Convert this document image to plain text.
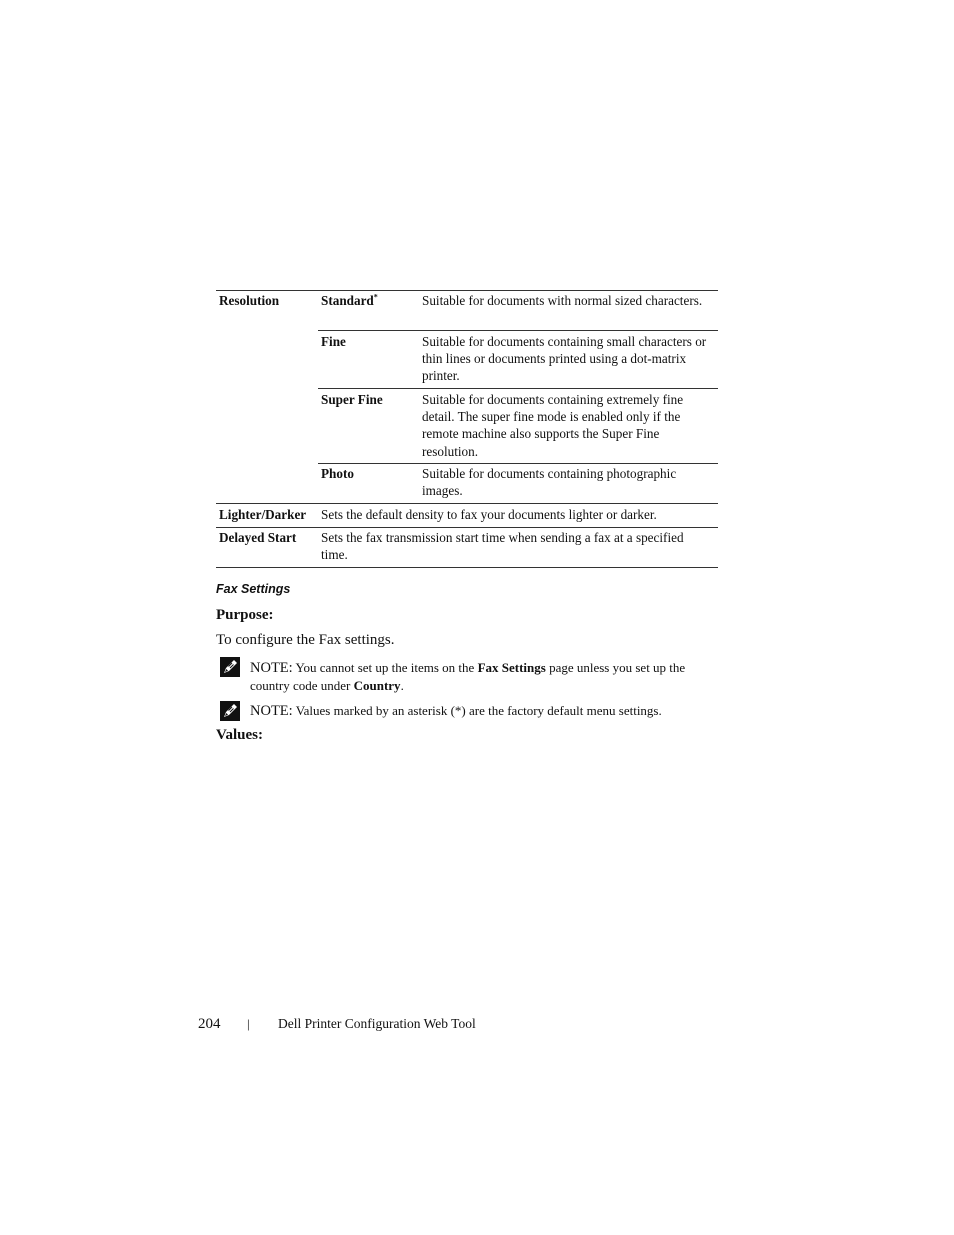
Resolution	Standard*	Suitable for documents with normal sized characters.
Fine	Suitable for documents containing small characters or thin lines or documents printed using a dot-matrix printer.
Super Fine	Suitable for documents containing extremely fine detail. The super fine mode is enabled only if the remote machine also supports the Super Fine resolution.
Photo	Suitable for documents containing photographic images.
Lighter/Darker Sets the default density to fax your documents lighter or darker.
Delayed Start Sets the fax transmission start time when sending a fax at a specified time.
Fax Settings
Purpose:
To configure the Fax settings.
NOTE: You cannot set up the items on the Fax Settings page unless you set up the country code under Country.
NOTE: Values marked by an asterisk (*) are the factory default menu settings.
Values:
204 | Dell Printer Configuration Web Tool
